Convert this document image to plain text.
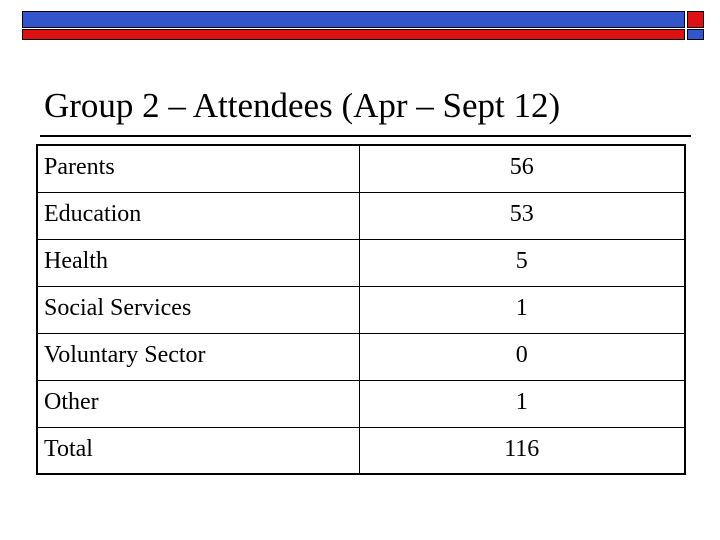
Group 2 – Attendees (Apr – Sept 12)
Parents	56
Education	53
Health	5
Social Services	1
Voluntary Sector	0
Other	1
Total	116
